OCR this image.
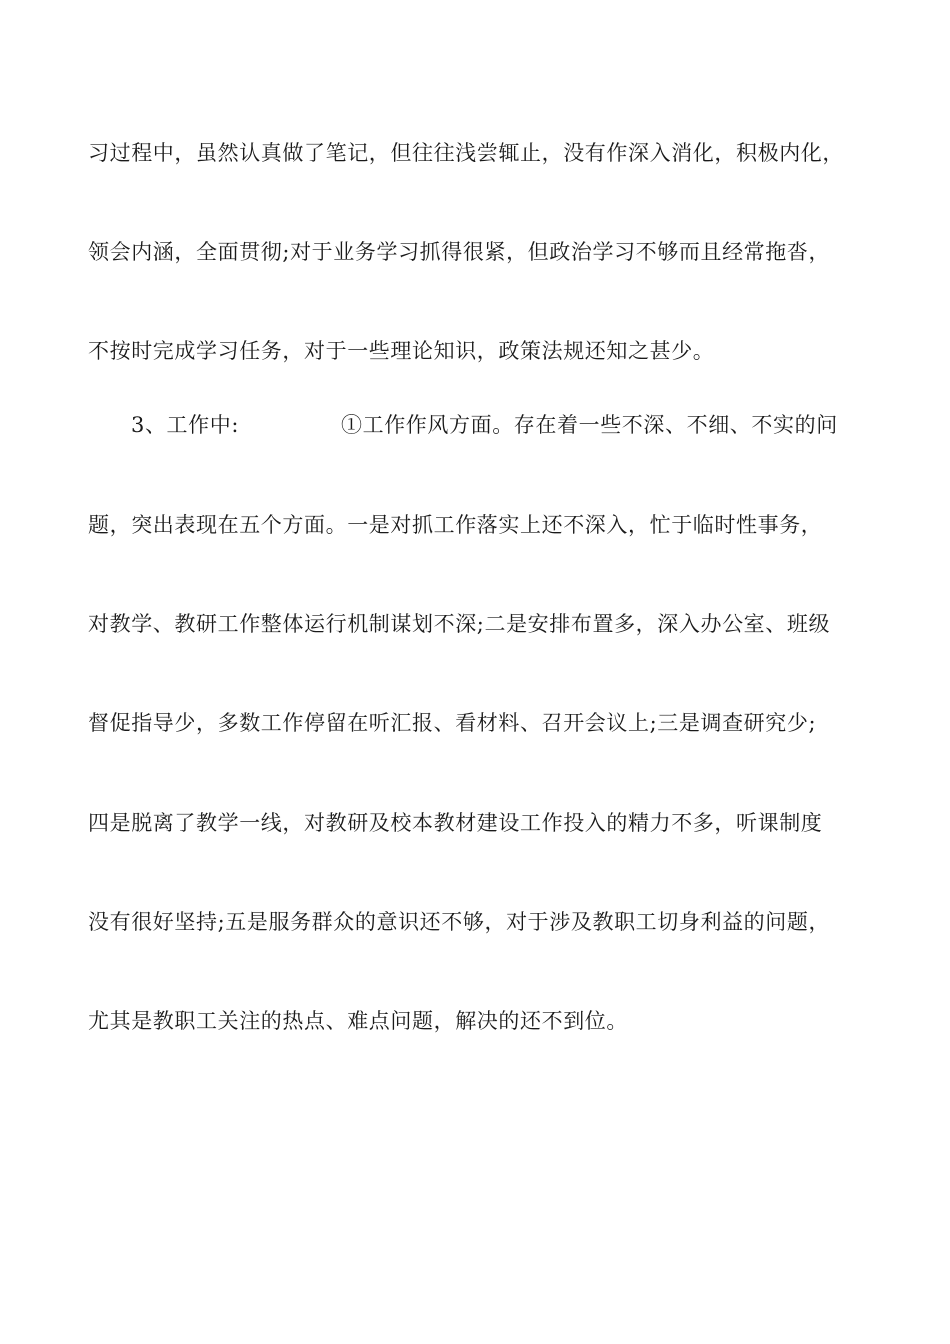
习过程中，虽然认真做了笔记，但往往浅尝辄止，没有作深入消化，积极内化，
领会内涵，全面贯彻;对于业务学习抓得很紧，但政治学习不够而且经常拖沓，
不按时完成学习任务，对于一些理论知识，政策法规还知之甚少。
3、工作中:	①工作作风方面。存在着一些不深、不细、不实的问
题，突出表现在五个方面。一是对抓工作落实上还不深入，忙于临时性事务，
对教学、教研工作整体运行机制谋划不深;二是安排布置多，深入办公室、班级
督促指导少，多数工作停留在听汇报、看材料、召开会议上;三是调查研究少;
四是脱离了教学一线，对教研及校本教材建设工作投入的精力不多，听课制度
没有很好坚持;五是服务群众的意识还不够，对于涉及教职工切身利益的问题，
尤其是教职工关注的热点、难点问题，解决的还不到位。
